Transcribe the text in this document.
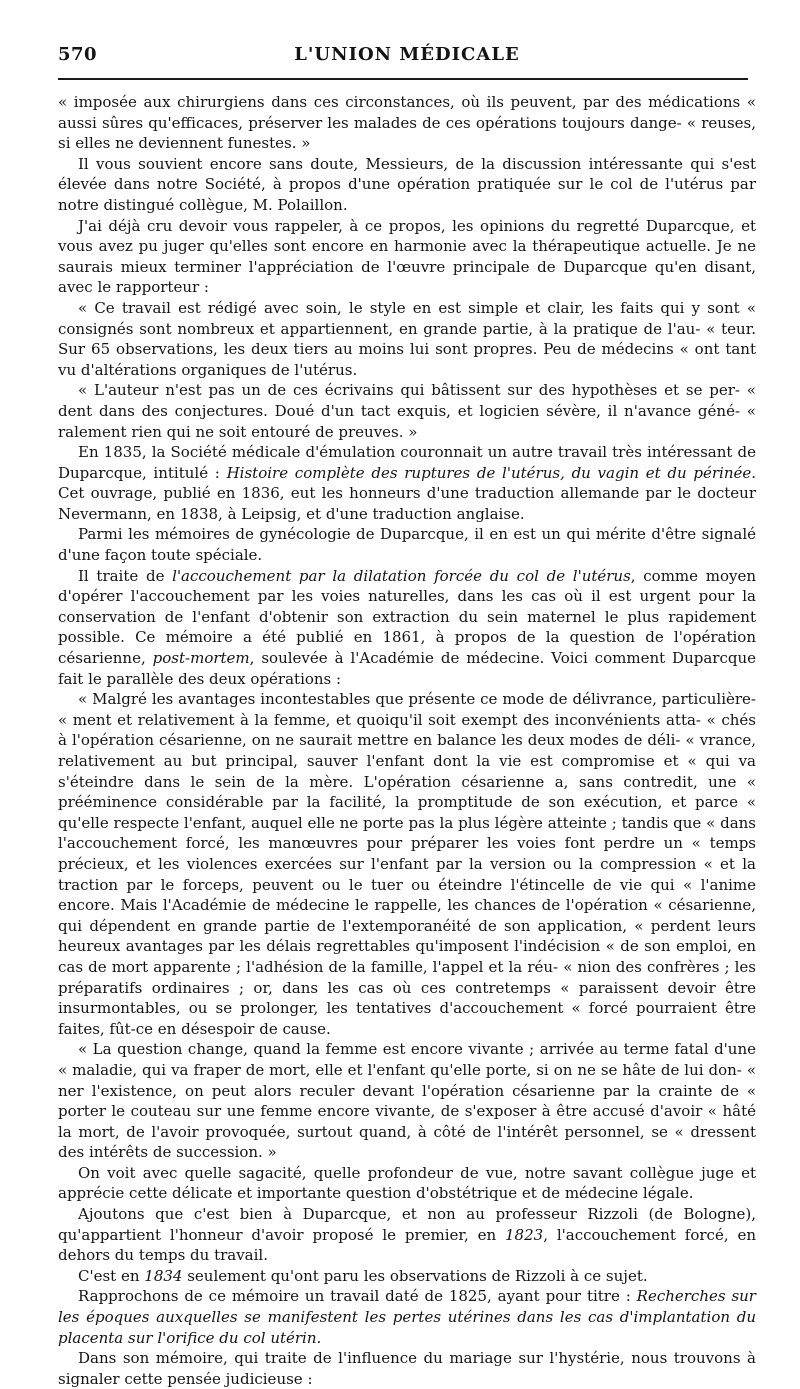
570	L'UNION MÉDICALE

« imposée aux chirurgiens dans ces circonstances, où ils peuvent, par des médications « aussi sûres qu'efficaces, préserver les malades de ces opérations toujours dange- « reuses, si elles ne deviennent funestes. »

Il vous souvient encore sans doute, Messieurs, de la discussion intéressante qui s'est élevée dans notre Société, à propos d'une opération pratiquée sur le col de l'utérus par notre distingué collègue, M. Polaillon.

J'ai déjà cru devoir vous rappeler, à ce propos, les opinions du regretté Duparcque, et vous avez pu juger qu'elles sont encore en harmonie avec la thérapeutique actuelle. Je ne saurais mieux terminer l'appréciation de l'œuvre principale de Duparcque qu'en disant, avec le rapporteur :

« Ce travail est rédigé avec soin, le style en est simple et clair, les faits qui y sont « consignés sont nombreux et appartiennent, en grande partie, à la pratique de l'au- « teur. Sur 65 observations, les deux tiers au moins lui sont propres. Peu de médecins « ont tant vu d'altérations organiques de l'utérus.

« L'auteur n'est pas un de ces écrivains qui bâtissent sur des hypothèses et se per- « dent dans des conjectures. Doué d'un tact exquis, et logicien sévère, il n'avance géné- « ralement rien qui ne soit entouré de preuves. »

En 1835, la Société médicale d'émulation couronnait un autre travail très intéressant de Duparcque, intitulé : Histoire complète des ruptures de l'utérus, du vagin et du périnée. Cet ouvrage, publié en 1836, eut les honneurs d'une traduction allemande par le docteur Nevermann, en 1838, à Leipsig, et d'une traduction anglaise.

Parmi les mémoires de gynécologie de Duparcque, il en est un qui mérite d'être signalé d'une façon toute spéciale.

Il traite de l'accouchement par la dilatation forcée du col de l'utérus, comme moyen d'opérer l'accouchement par les voies naturelles, dans les cas où il est urgent pour la conservation de l'enfant d'obtenir son extraction du sein maternel le plus rapidement possible. Ce mémoire a été publié en 1861, à propos de la question de l'opération césarienne, post-mortem, soulevée à l'Académie de médecine. Voici comment Duparcque fait le parallèle des deux opérations :

« Malgré les avantages incontestables que présente ce mode de délivrance, particulière- « ment et relativement à la femme, et quoiqu'il soit exempt des inconvénients atta- « chés à l'opération césarienne, on ne saurait mettre en balance les deux modes de déli- « vrance, relativement au but principal, sauver l'enfant dont la vie est compromise et « qui va s'éteindre dans le sein de la mère. L'opération césarienne a, sans contredit, une « prééminence considérable par la facilité, la promptitude de son exécution, et parce « qu'elle respecte l'enfant, auquel elle ne porte pas la plus légère atteinte ; tandis que « dans l'accouchement forcé, les manœuvres pour préparer les voies font perdre un « temps précieux, et les violences exercées sur l'enfant par la version ou la compression « et la traction par le forceps, peuvent ou le tuer ou éteindre l'étincelle de vie qui « l'anime encore. Mais l'Académie de médecine le rappelle, les chances de l'opération « césarienne, qui dépendent en grande partie de l'extemporanéité de son application, « perdent leurs heureux avantages par les délais regrettables qu'imposent l'indécision « de son emploi, en cas de mort apparente ; l'adhésion de la famille, l'appel et la réu- « nion des confrères ; les préparatifs ordinaires ; or, dans les cas où ces contretemps « paraissent devoir être insurmontables, ou se prolonger, les tentatives d'accouchement « forcé pourraient être faites, fût-ce en désespoir de cause.

« La question change, quand la femme est encore vivante ; arrivée au terme fatal d'une « maladie, qui va fraper de mort, elle et l'enfant qu'elle porte, si on ne se hâte de lui don- « ner l'existence, on peut alors reculer devant l'opération césarienne par la crainte de « porter le couteau sur une femme encore vivante, de s'exposer à être accusé d'avoir « hâté la mort, de l'avoir provoquée, surtout quand, à côté de l'intérêt personnel, se « dressent des intérêts de succession. »

On voit avec quelle sagacité, quelle profondeur de vue, notre savant collègue juge et apprécie cette délicate et importante question d'obstétrique et de médecine légale.

Ajoutons que c'est bien à Duparcque, et non au professeur Rizzoli (de Bologne), qu'appartient l'honneur d'avoir proposé le premier, en 1823, l'accouchement forcé, en dehors du temps du travail.

C'est en 1834 seulement qu'ont paru les observations de Rizzoli à ce sujet.

Rapprochons de ce mémoire un travail daté de 1825, ayant pour titre : Recherches sur les époques auxquelles se manifestent les pertes utérines dans les cas d'implantation du placenta sur l'orifice du col utérin.

Dans son mémoire, qui traite de l'influence du mariage sur l'hystérie, nous trouvons à signaler cette pensée judicieuse :
